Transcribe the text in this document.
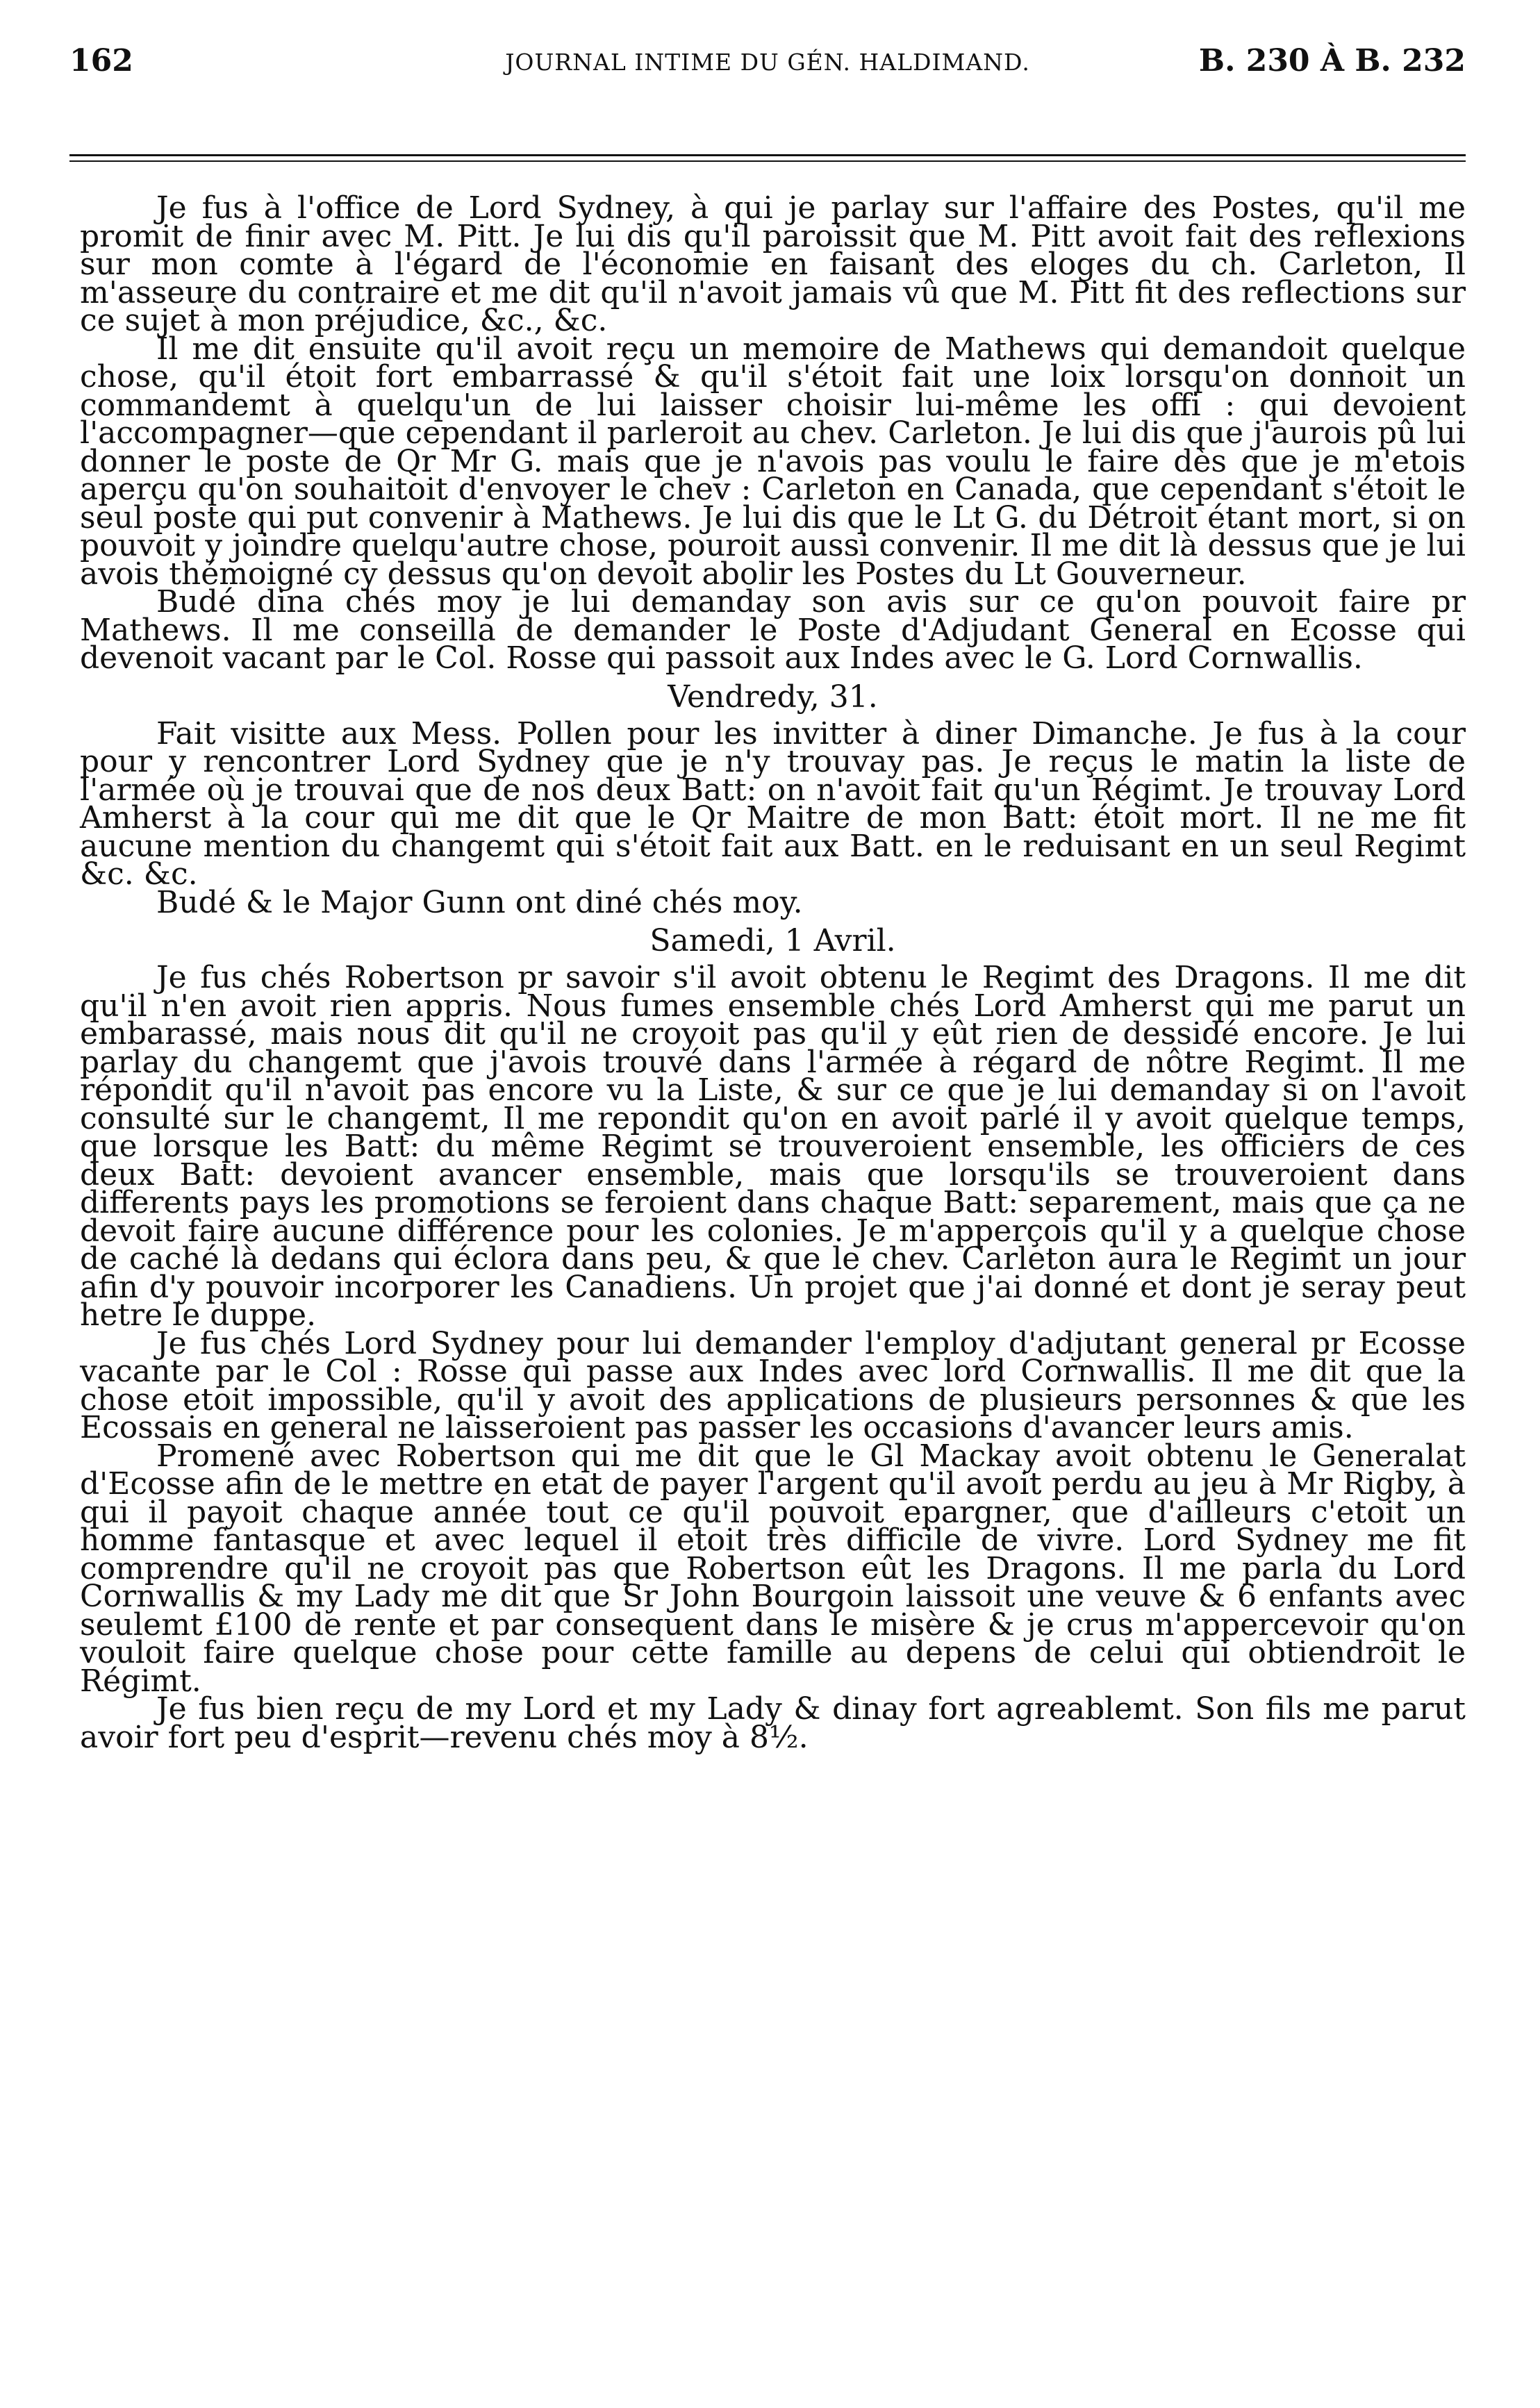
162	JOURNAL INTIME DU GÉN. HALDIMAND.	B. 230 À B. 232

Je fus à l'office de Lord Sydney, à qui je parlay sur l'affaire des Postes, qu'il me promit de finir avec M. Pitt. Je lui dis qu'il paroissit que M. Pitt avoit fait des reflexions sur mon comte à l'égard de l'économie en faisant des eloges du ch. Carleton, Il m'asseure du contraire et me dit qu'il n'avoit jamais vû que M. Pitt fit des reflections sur ce sujet à mon préjudice, &c., &c.

Il me dit ensuite qu'il avoit reçu un memoire de Mathews qui demandoit quelque chose, qu'il étoit fort embarrassé & qu'il s'étoit fait une loix lorsqu'on donnoit un commandemt à quelqu'un de lui laisser choisir lui-même les offi : qui devoient l'accompagner—que cependant il parleroit au chev. Carleton. Je lui dis que j'aurois pû lui donner le poste de Qr Mr G. mais que je n'avois pas voulu le faire dès que je m'etois aperçu qu'on souhaitoit d'envoyer le chev : Carleton en Canada, que cependant s'étoit le seul poste qui put convenir à Mathews. Je lui dis que le Lt G. du Détroit étant mort, si on pouvoit y joindre quelqu'autre chose, pouroit aussi convenir. Il me dit là dessus que je lui avois thémoigné cy dessus qu'on devoit abolir les Postes du Lt Gouverneur.

Budé dina chés moy je lui demanday son avis sur ce qu'on pouvoit faire pr Mathews. Il me conseilla de demander le Poste d'Adjudant General en Ecosse qui devenoit vacant par le Col. Rosse qui passoit aux Indes avec le G. Lord Cornwallis.

Vendredy, 31.

Fait visitte aux Mess. Pollen pour les invitter à diner Dimanche. Je fus à la cour pour y rencontrer Lord Sydney que je n'y trouvay pas. Je reçus le matin la liste de l'armée où je trouvai que de nos deux Batt: on n'avoit fait qu'un Régimt. Je trouvay Lord Amherst à la cour qui me dit que le Qr Maitre de mon Batt: étoit mort. Il ne me fit aucune mention du changemt qui s'étoit fait aux Batt. en le reduisant en un seul Regimt &c. &c.

Budé & le Major Gunn ont diné chés moy.

Samedi, 1 Avril.

Je fus chés Robertson pr savoir s'il avoit obtenu le Regimt des Dragons. Il me dit qu'il n'en avoit rien appris. Nous fumes ensemble chés Lord Amherst qui me parut un embarassé, mais nous dit qu'il ne croyoit pas qu'il y eût rien de dessidé encore. Je lui parlay du changemt que j'avois trouvé dans l'armée à régard de nôtre Regimt. Il me répondit qu'il n'avoit pas encore vu la Liste, & sur ce que je lui demanday si on l'avoit consulté sur le changemt, Il me repondit qu'on en avoit parlé il y avoit quelque temps, que lorsque les Batt: du même Regimt se trouveroient ensemble, les officiers de ces deux Batt: devoient avancer ensemble, mais que lorsqu'ils se trouveroient dans differents pays les promotions se feroient dans chaque Batt: separement, mais que ça ne devoit faire aucune différence pour les colonies. Je m'apperçois qu'il y a quelque chose de caché là dedans qui éclora dans peu, & que le chev. Carleton aura le Regimt un jour afin d'y pouvoir incorporer les Canadiens. Un projet que j'ai donné et dont je seray peut hetre le duppe.

Je fus chés Lord Sydney pour lui demander l'employ d'adjutant general pr Ecosse vacante par le Col : Rosse qui passe aux Indes avec lord Cornwallis. Il me dit que la chose etoit impossible, qu'il y avoit des applications de plusieurs personnes & que les Ecossais en general ne laisseroient pas passer les occasions d'avancer leurs amis.

Promené avec Robertson qui me dit que le Gl Mackay avoit obtenu le Generalat d'Ecosse afin de le mettre en etat de payer l'argent qu'il avoit perdu au jeu à Mr Rigby, à qui il payoit chaque année tout ce qu'il pouvoit epargner, que d'ailleurs c'etoit un homme fantasque et avec lequel il etoit très difficile de vivre. Lord Sydney me fit comprendre qu'il ne croyoit pas que Robertson eût les Dragons. Il me parla du Lord Cornwallis & my Lady me dit que Sr John Bourgoin laissoit une veuve & 6 enfants avec seulemt £100 de rente et par consequent dans le misère & je crus m'appercevoir qu'on vouloit faire quelque chose pour cette famille au depens de celui qui obtiendroit le Régimt.

Je fus bien reçu de my Lord et my Lady & dinay fort agreablemt. Son fils me parut avoir fort peu d'esprit—revenu chés moy à 8½.
